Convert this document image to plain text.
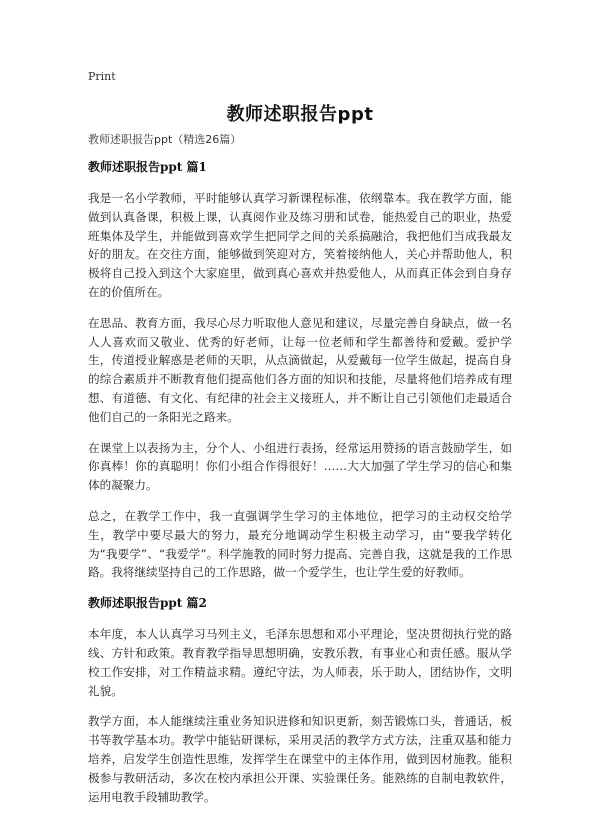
Print
教师述职报告ppt
教师述职报告ppt（精选26篇）
教师述职报告ppt 篇1

我是一名小学教师，平时能够认真学习新课程标准，依纲靠本。我在教学方面，能做到认真备课，积极上课，认真阅作业及练习册和试卷，能热爱自己的职业，热爱班集体及学生，并能做到喜欢学生把同学之间的关系搞融洽，我把他们当成我最友好的朋友。在交往方面，能够做到笑迎对方，笑着接纳他人，关心并帮助他人，积极将自己投入到这个大家庭里，做到真心喜欢并热爱他人，从而真正体会到自身存在的价值所在。

在思品、教育方面，我尽心尽力听取他人意见和建议，尽量完善自身缺点，做一名人人喜欢而又敬业、优秀的好老师，让每一位老师和学生都善待和爱戴。爱护学生，传道授业解惑是老师的天职，从点滴做起，从爱戴每一位学生做起，提高自身的综合素质并不断教育他们提高他们各方面的知识和技能，尽量将他们培养成有理想、有道德、有文化、有纪律的社会主义接班人，并不断让自己引领他们走最适合他们自己的一条阳光之路来。

在课堂上以表扬为主，分个人、小组进行表扬，经常运用赞扬的语言鼓励学生，如你真棒！你的真聪明！你们小组合作得很好！……大大加强了学生学习的信心和集体的凝聚力。

总之，在教学工作中，我一直强调学生学习的主体地位，把学习的主动权交给学生，教学中要尽最大的努力，最充分地调动学生积极主动学习，由“要我学转化为“我要学”、“我爱学”。科学施教的同时努力提高、完善自我，这就是我的工作思路。我将继续坚持自己的工作思路，做一个爱学生，也让学生爱的好教师。

教师述职报告ppt 篇2

本年度，本人认真学习马列主义，毛泽东思想和邓小平理论，坚决贯彻执行党的路线、方针和政策。教育教学指导思想明确，安教乐教，有事业心和责任感。服从学校工作安排，对工作精益求精。遵纪守法，为人师表，乐于助人，团结协作，文明礼貌。

教学方面，本人能继续注重业务知识进修和知识更新，刻苦锻炼口头，普通话，板书等教学基本功。教学中能钻研课标，采用灵活的教学方式方法，注重双基和能力培养，启发学生创造性思维，发挥学生在课堂中的主体作用，做到因材施教。能积极参与教研活动，多次在校内承担公开课、实验课任务。能熟练的自制电教软件，运用电教手段辅助教学。
